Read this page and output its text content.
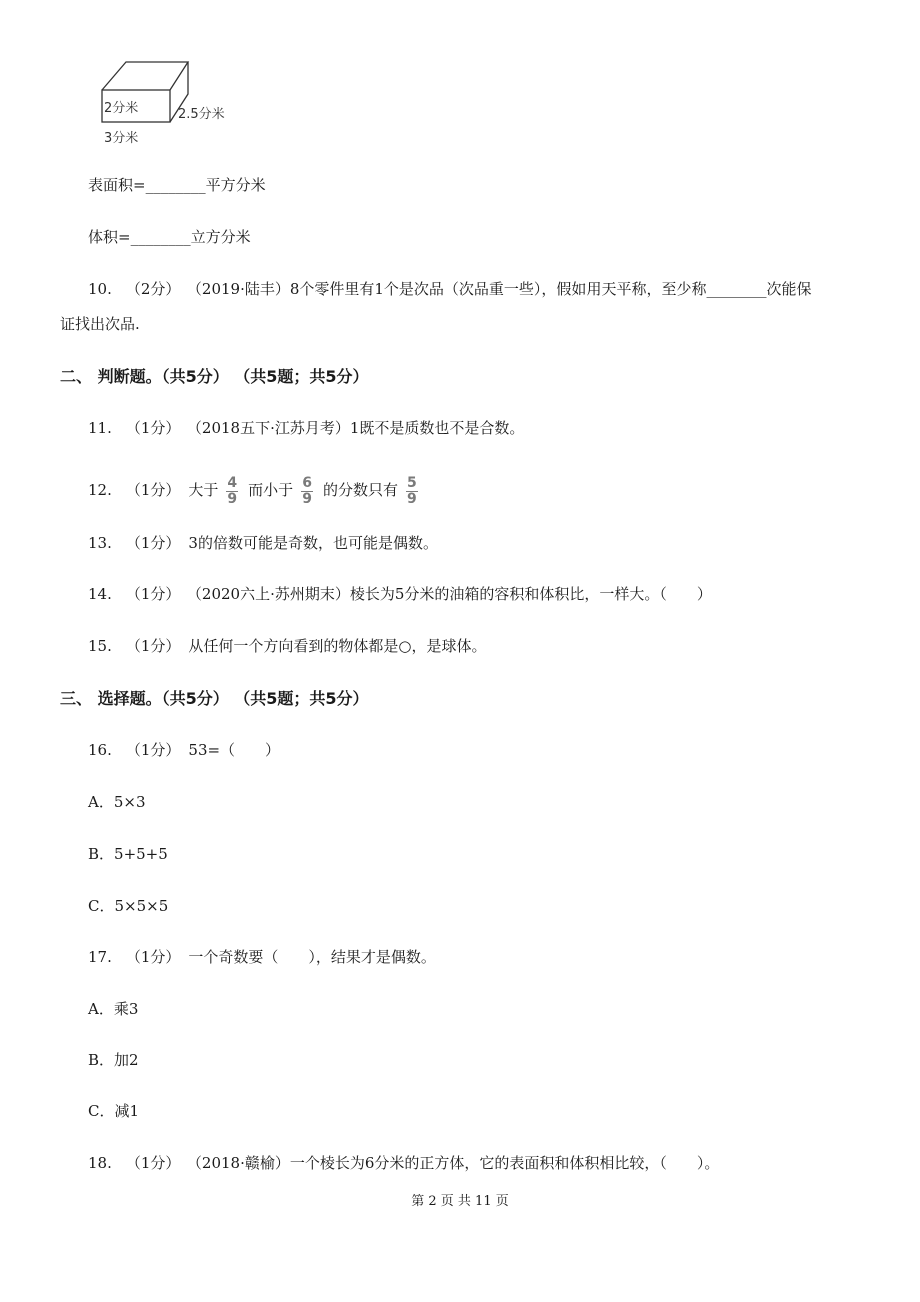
2分米	2.5分米
3分米
表面积=________平方分米
体积=________立方分米
10. （2分） （2019·陆丰）8个零件里有1个是次品（次品重一些），假如用天平称，至少称________次能保
证找出次品.
二、 判断题。（共5分） （共5题；共5分）
11. （1分） （2018五下·江苏月考）1既不是质数也不是合数。
12. （1分） 大于 $\frac{4}{9}$ 而小于 $\frac{6}{9}$ 的分数只有 $\frac{5}{9}$
13. （1分） 3的倍数可能是奇数，也可能是偶数。
14. （1分） （2020六上·苏州期末）棱长为5分米的油箱的容积和体积比，一样大。（　　）
15. （1分） 从任何一个方向看到的物体都是○，是球体。
三、 选择题。（共5分） （共5题；共5分）
16. （1分） 53=（　　）
A．5×3
B．5+5+5
C．5×5×5
17. （1分） 一个奇数要（　　），结果才是偶数。
A．乘3
B．加2
C．减1
18. （1分） （2018·赣榆）一个棱长为6分米的正方体，它的表面积和体积相比较，（　　）。
第 2 页 共 11 页
